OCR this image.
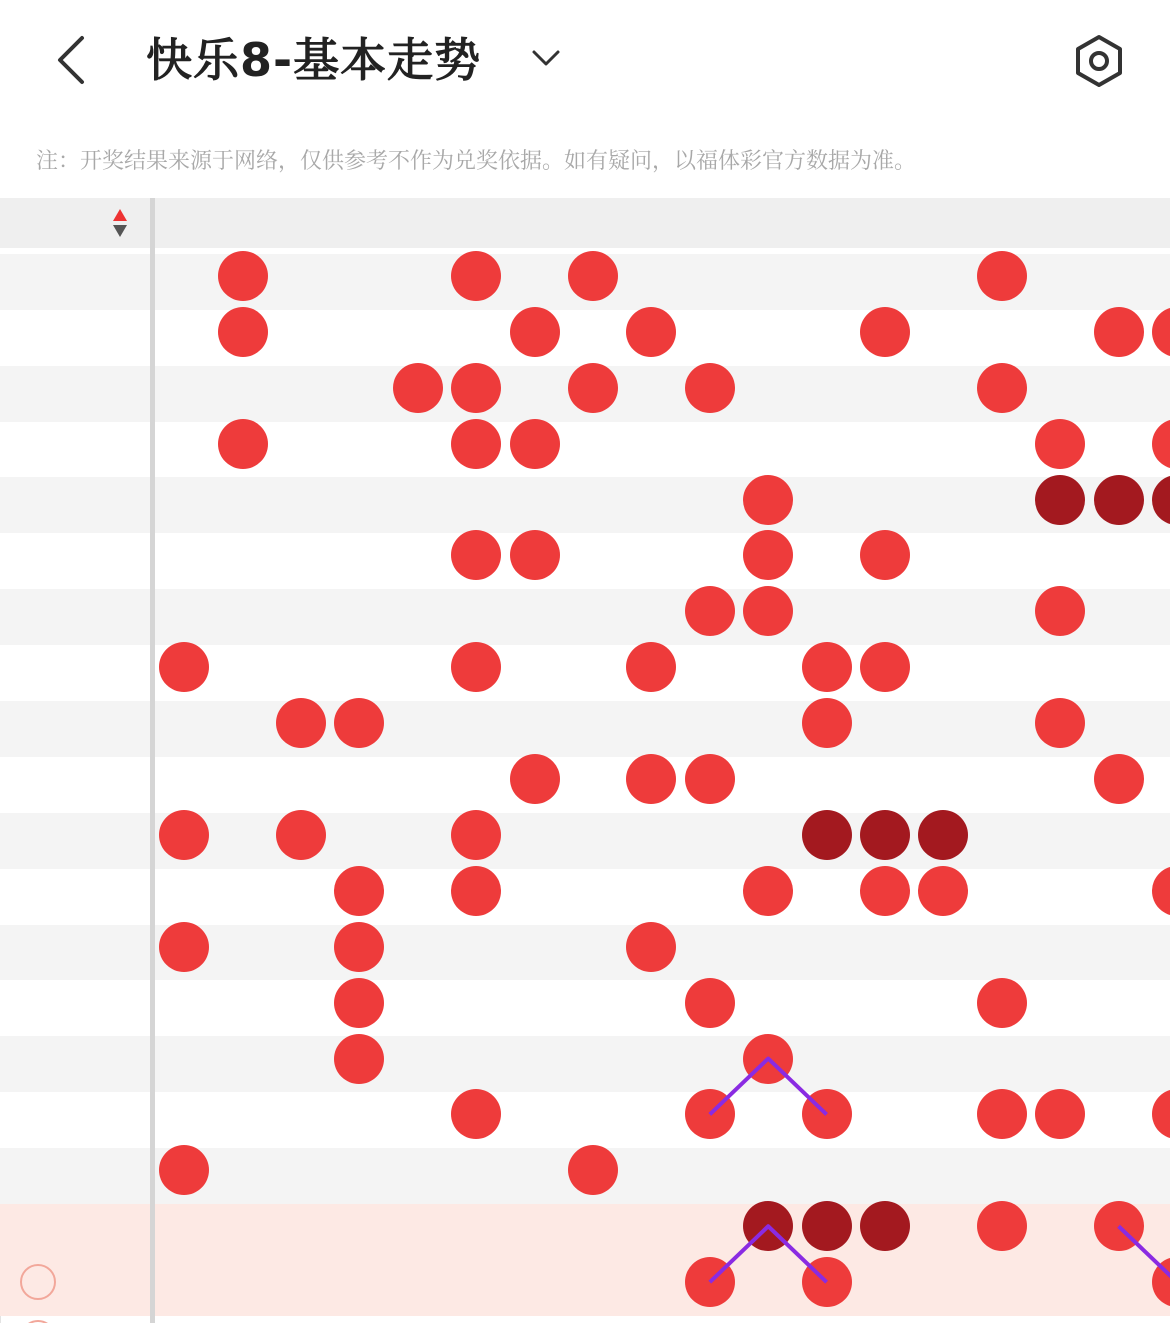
快乐8-基本走势
注：开奖结果来源于网络，仅供参考不作为兑奖依据。如有疑问，以福体彩官方数据为准。
